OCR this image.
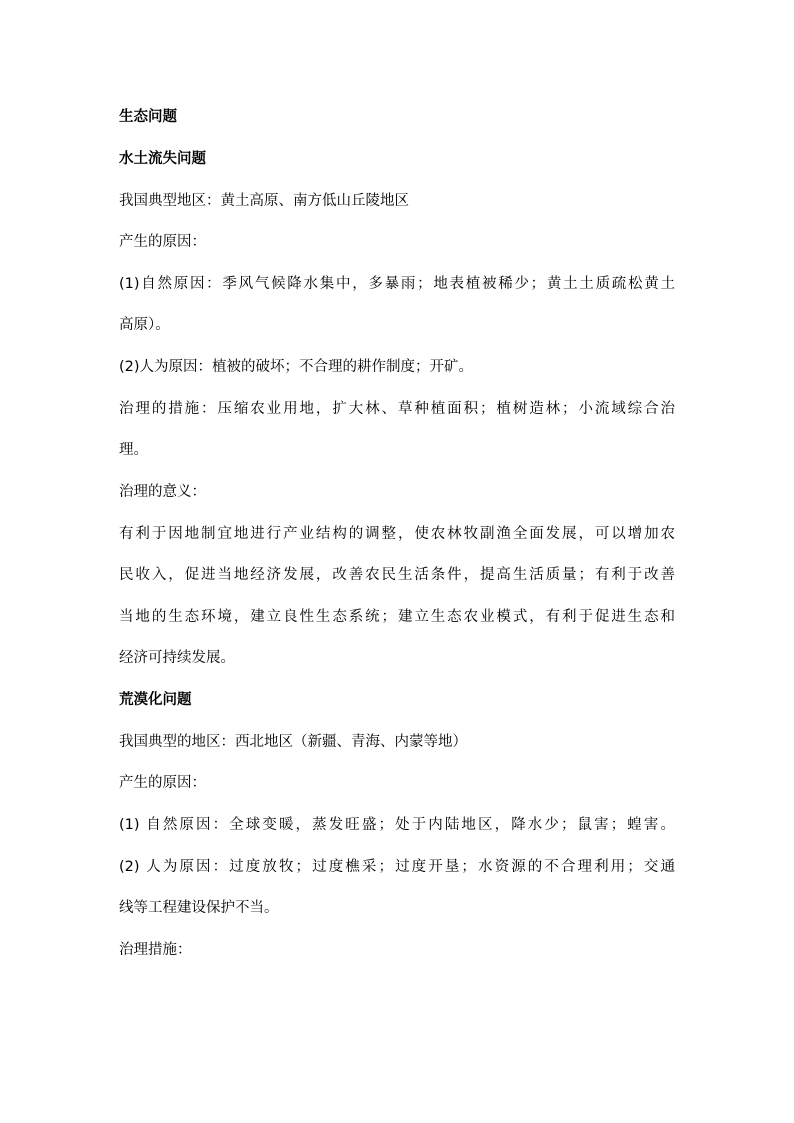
生态问题
水土流失问题
我国典型地区：黄土高原、南方低山丘陵地区
产生的原因：
(1)自然原因：季风气候降水集中，多暴雨；地表植被稀少；黄土土质疏松黄土
高原）。
(2)人为原因：植被的破坏；不合理的耕作制度；开矿。
治理的措施：压缩农业用地，扩大林、草种植面积；植树造林；小流域综合治
理。
治理的意义：
有利于因地制宜地进行产业结构的调整，使农林牧副渔全面发展，可以增加农
民收入，促进当地经济发展，改善农民生活条件，提高生活质量；有利于改善
当地的生态环境，建立良性生态系统；建立生态农业模式，有利于促进生态和
经济可持续发展。
荒漠化问题
我国典型的地区：西北地区（新疆、青海、内蒙等地）
产生的原因：
(1) 自然原因：全球变暖，蒸发旺盛；处于内陆地区，降水少；鼠害；蝗害。
(2) 人为原因：过度放牧；过度樵采；过度开垦；水资源的不合理利用；交通
线等工程建设保护不当。
治理措施：
